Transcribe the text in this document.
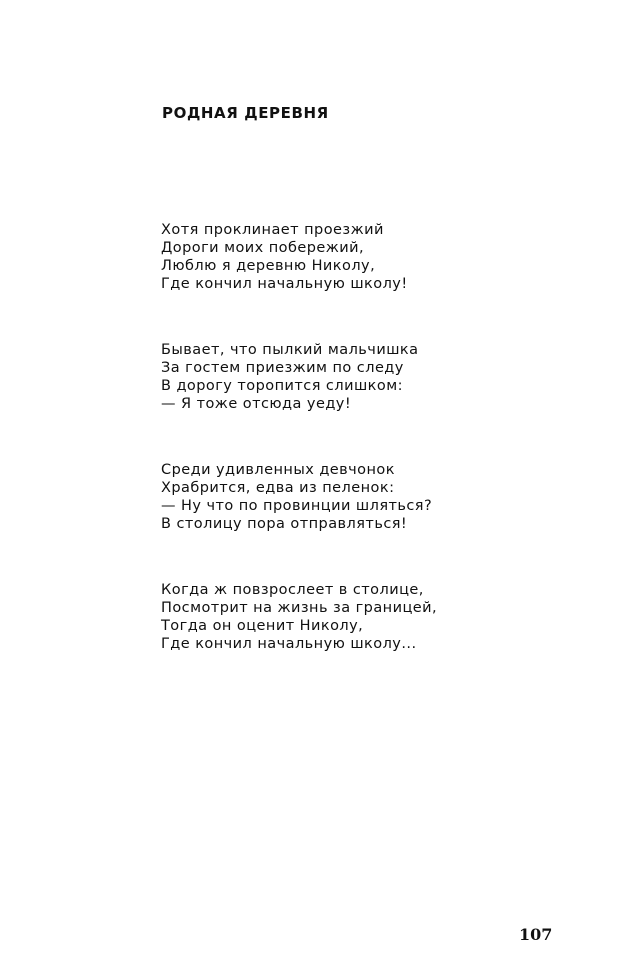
РОДНАЯ ДЕРЕВНЯ
Хотя проклинает проезжий
Дороги моих побережий,
Люблю я деревню Николу,
Где кончил начальную школу!
Бывает, что пылкий мальчишка
За гостем приезжим по следу
В дорогу торопится слишком:
— Я тоже отсюда уеду!
Среди удивленных девчонок
Храбрится, едва из пеленок:
— Ну что по провинции шляться?
В столицу пора отправляться!
Когда ж повзрослеет в столице,
Посмотрит на жизнь за границей,
Тогда он оценит Николу,
Где кончил начальную школу...
107
